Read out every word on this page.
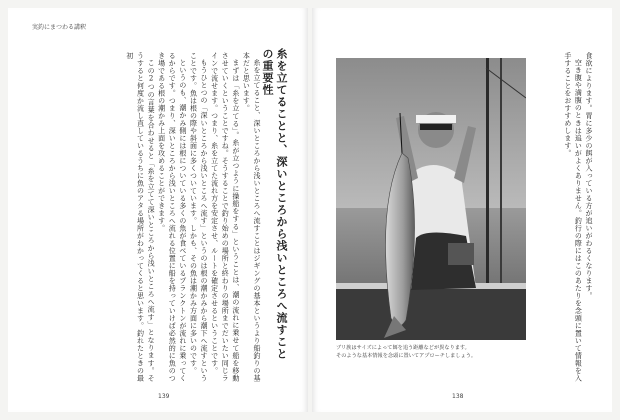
実釣にまつわる講釈
糸を立てることと、深いところから浅いところへ流すことの重要性

糸を立てること、深いところから浅いところへ流すことはジギングの基本というより船釣りの基本だと思います。

まずは「糸を立てる」。糸が立つように操船をする」ということは、潮の流れに乗せて船を移動させていくということですね。そうすることで釣り始めの場所と終わりの場所までだいたい同じラインで流せます。つまり、糸を立てた流れ方を安定させ、ルートを確定させるということです。

もうひとつの「深いところから浅いところへ流す」というのは根の潮かみから潮下へ流すということです。魚は根の際や斜面に多くついています。しかも、その魚は潮かみ方面に多いのです。

というのも、潮かみ側には根についている多くの魚が食べているプランクトンが流れに乗ってくるからです。つまり、深いところから浅いところへ流れる位置に船を持っていけば必然的に魚のつき場である根の潮かみ上面を攻めることができます。

この2つの言葉を合わせると「糸を立てて深いところから浅いところへ流す」となります。そうすると何度か流し直しているうちに魚のアタる場所がわかってくると思います。釣れたときの最初

139
ブリ族はサイズによって餌を追う距離などが異なります。
そのような基本情報を念頭に置いてアプローチしましょう。

食欲によります。胃に多少の餌が入っている方が追いがわるくなります。

空き腹や満腹のときは追いがよくありません。釣行の際にはこのあたりを念頭に置いて情報を入手することをおすすめします。

138
